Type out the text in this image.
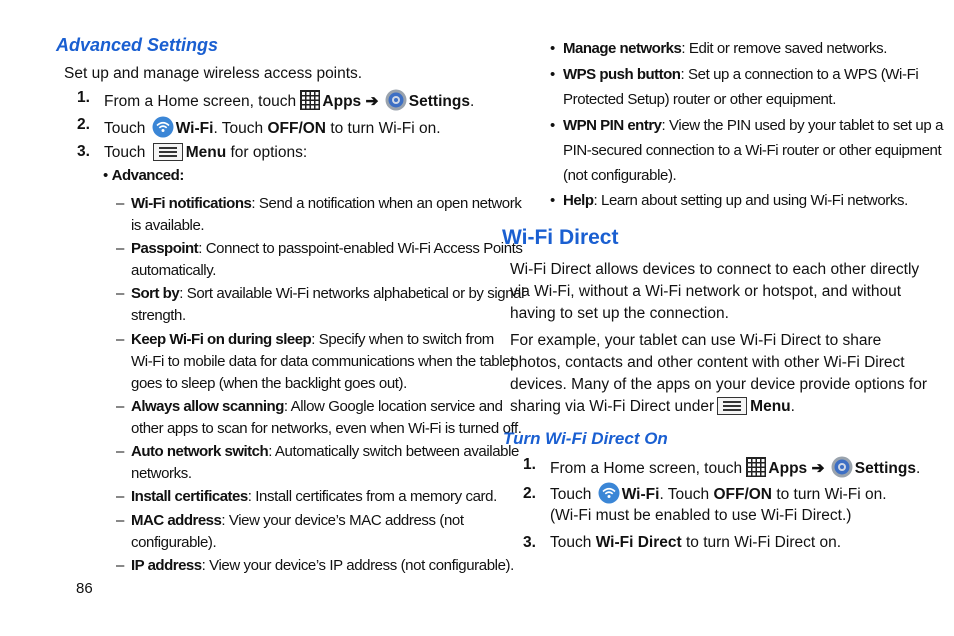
Advanced Settings
Set up and manage wireless access points.
1. From a Home screen, touch Apps ➔ Settings.
2. Touch Wi-Fi. Touch OFF/ON to turn Wi-Fi on.
3. Touch	Menu for options:
• Advanced:
– Wi-Fi notifications: Send a notification when an open network
is available.
– Passpoint: Connect to passpoint-enabled Wi-Fi Access Points
automatically.
– Sort by: Sort available Wi-Fi networks alphabetical or by signal
strength.
– Keep Wi-Fi on during sleep: Specify when to switch from
Wi-Fi to mobile data for data communications when the tablet
goes to sleep (when the backlight goes out).
– Always allow scanning: Allow Google location service and
other apps to scan for networks, even when Wi-Fi is turned off.
– Auto network switch: Automatically switch between available
networks.
– Install certificates: Install certificates from a memory card.
– MAC address: View your device’s MAC address (not
configurable).
– IP address: View your device’s IP address (not configurable).
86
• Manage networks: Edit or remove saved networks.
• WPS push button: Set up a connection to a WPS (Wi-Fi
Protected Setup) router or other equipment.
• WPN PIN entry: View the PIN used by your tablet to set up a
PIN-secured connection to a Wi-Fi router or other equipment
(not configurable).
• Help: Learn about setting up and using Wi-Fi networks.
Wi-Fi Direct
Wi-Fi Direct allows devices to connect to each other directly
via Wi-Fi, without a Wi-Fi network or hotspot, and without
having to set up the connection.
For example, your tablet can use Wi-Fi Direct to share
photos, contacts and other content with other Wi-Fi Direct
devices. Many of the apps on your device provide options for
sharing via Wi-Fi Direct under Menu.
Turn Wi-Fi Direct On
1. From a Home screen, touch Apps ➔ Settings.
2. Touch Wi-Fi. Touch OFF/ON to turn Wi-Fi on.
(Wi-Fi must be enabled to use Wi-Fi Direct.)
3. Touch Wi-Fi Direct to turn Wi-Fi Direct on.
